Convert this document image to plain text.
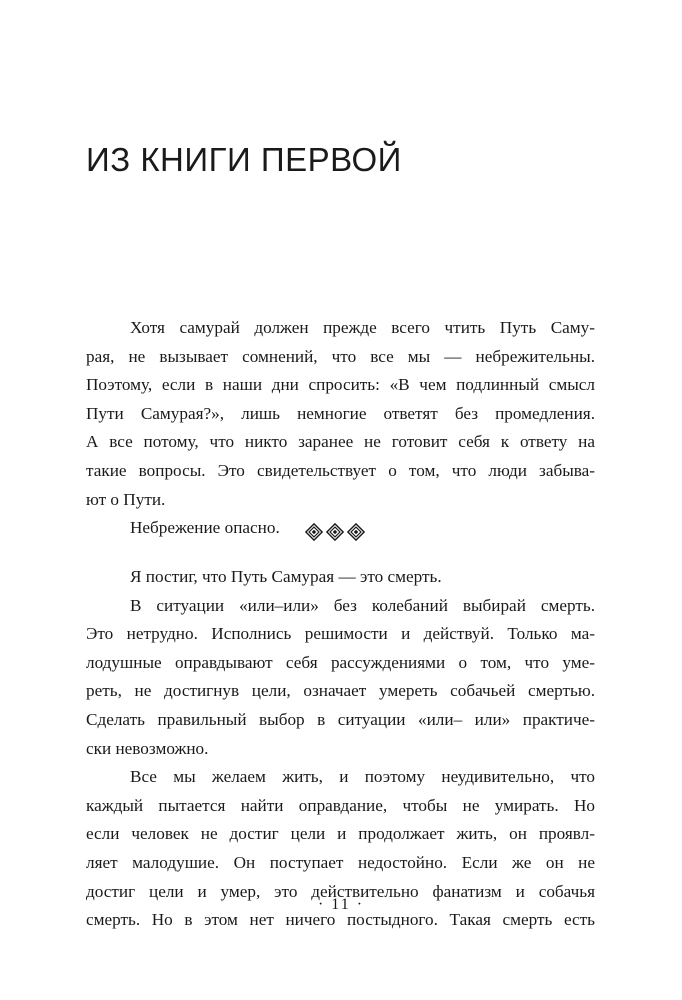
ИЗ КНИГИ ПЕРВОЙ
Хотя самурай должен прежде всего чтить Путь Саму-
рая, не вызывает сомнений, что все мы — небрежительны.
Поэтому, если в наши дни спросить: «В чем подлинный смысл
Пути Самурая?», лишь немногие ответят без промедления.
А все потому, что никто заранее не готовит себя к ответу на
такие вопросы. Это свидетельствует о том, что люди забыва-
ют о Пути.
Небрежение опасно.
Я постиг, что Путь Самурая — это смерть.
В ситуации «или–или» без колебаний выбирай смерть.
Это нетрудно. Исполнись решимости и действуй. Только ма-
лодушные оправдывают себя рассуждениями о том, что уме-
реть, не достигнув цели, означает умереть собачьей смертью.
Сделать правильный выбор в ситуации «или– или» практиче-
ски невозможно.
Все мы желаем жить, и поэтому неудивительно, что
каждый пытается найти оправдание, чтобы не умирать. Но
если человек не достиг цели и продолжает жить, он проявл-
ляет малодушие. Он поступает недостойно. Если же он не
достиг цели и умер, это действительно фанатизм и собачья
смерть. Но в этом нет ничего постыдного. Такая смерть есть
· 11 ·
